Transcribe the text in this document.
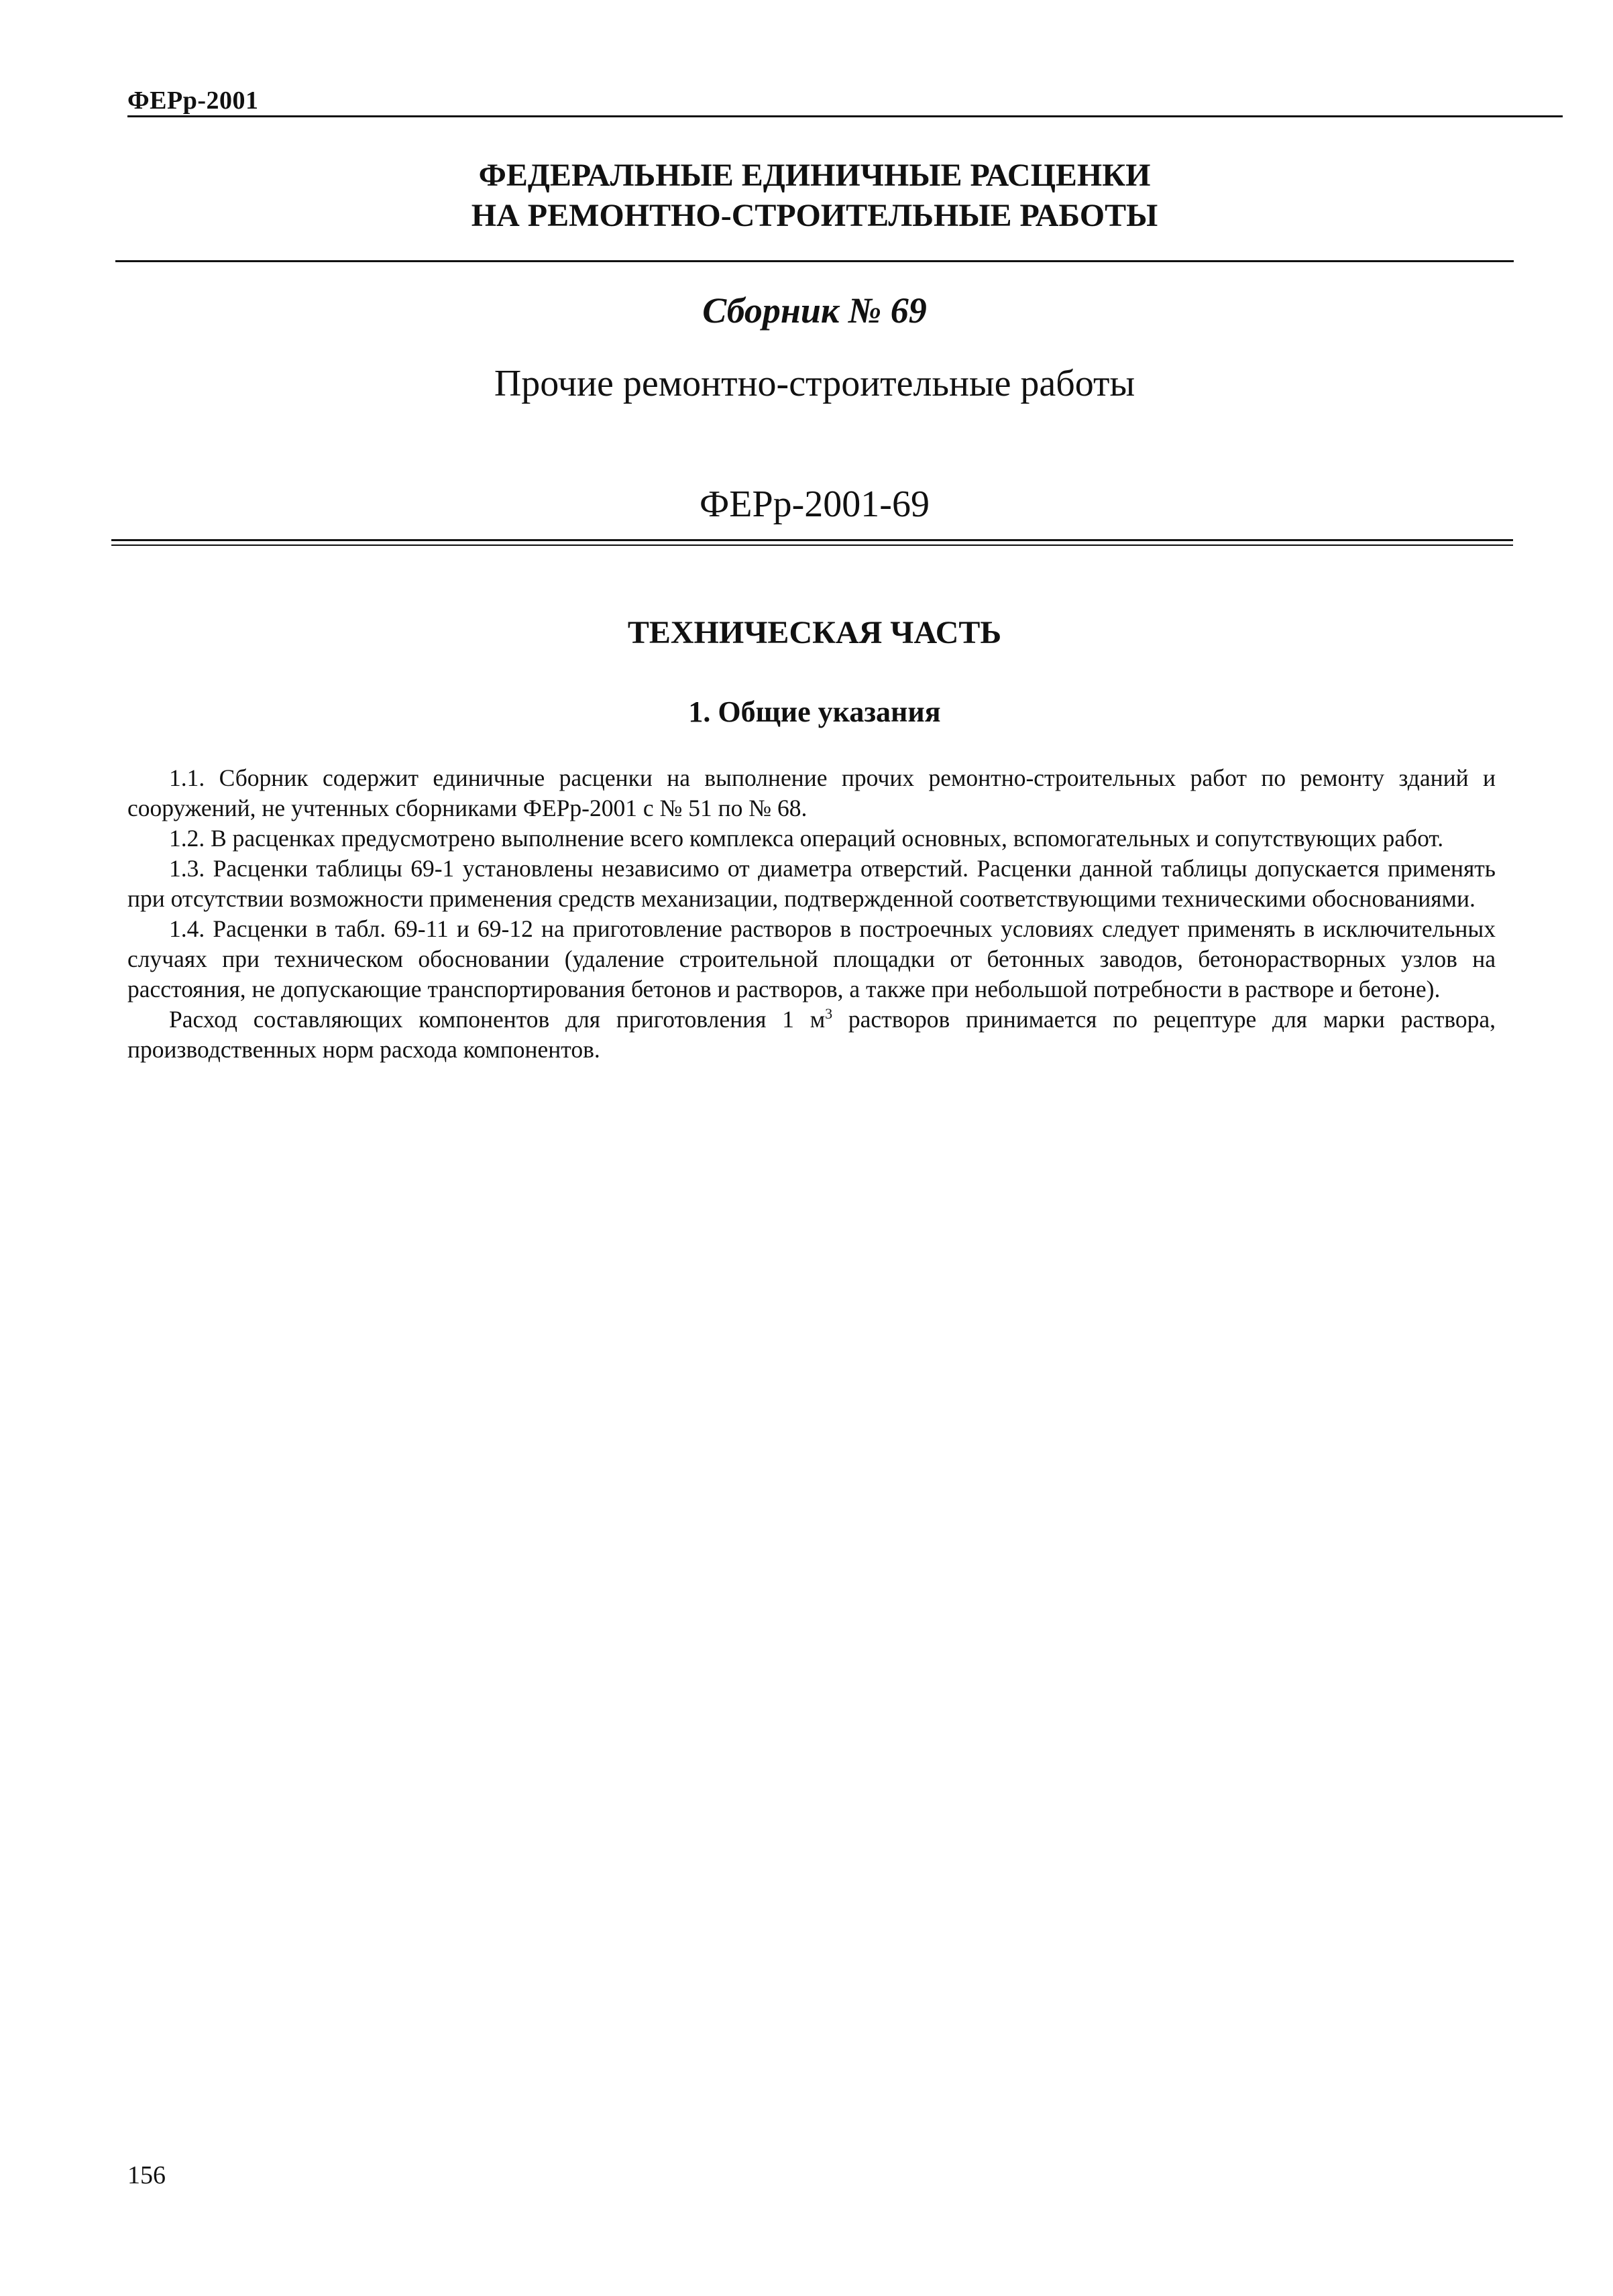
ФЕРр-2001
ФЕДЕРАЛЬНЫЕ ЕДИНИЧНЫЕ РАСЦЕНКИ
НА РЕМОНТНО-СТРОИТЕЛЬНЫЕ РАБОТЫ
Сборник № 69
Прочие ремонтно-строительные работы
ФЕРр-2001-69
ТЕХНИЧЕСКАЯ ЧАСТЬ
1. Общие указания

1.1. Сборник содержит единичные расценки на выполнение прочих ремонтно-строительных работ по ремонту зданий и сооружений, не учтенных сборниками ФЕРр-2001 с № 51 по № 68.

1.2. В расценках предусмотрено выполнение всего комплекса операций основных, вспомогательных и сопутствующих работ.

1.3. Расценки таблицы 69-1 установлены независимо от диаметра отверстий. Расценки данной таблицы допускается применять при отсутствии возможности применения средств механизации, подтвержденной соответствующими техническими обоснованиями.

1.4. Расценки в табл. 69-11 и 69-12 на приготовление растворов в построечных условиях следует применять в исключительных случаях при техническом обосновании (удаление строительной площадки от бетонных заводов, бетонорастворных узлов на расстояния, не допускающие транспортирования бетонов и растворов, а также при небольшой потребности в растворе и бетоне).

Расход составляющих компонентов для приготовления 1 $м^3$ растворов принимается по рецептуре для марки раствора, производственных норм расхода компонентов.

156
